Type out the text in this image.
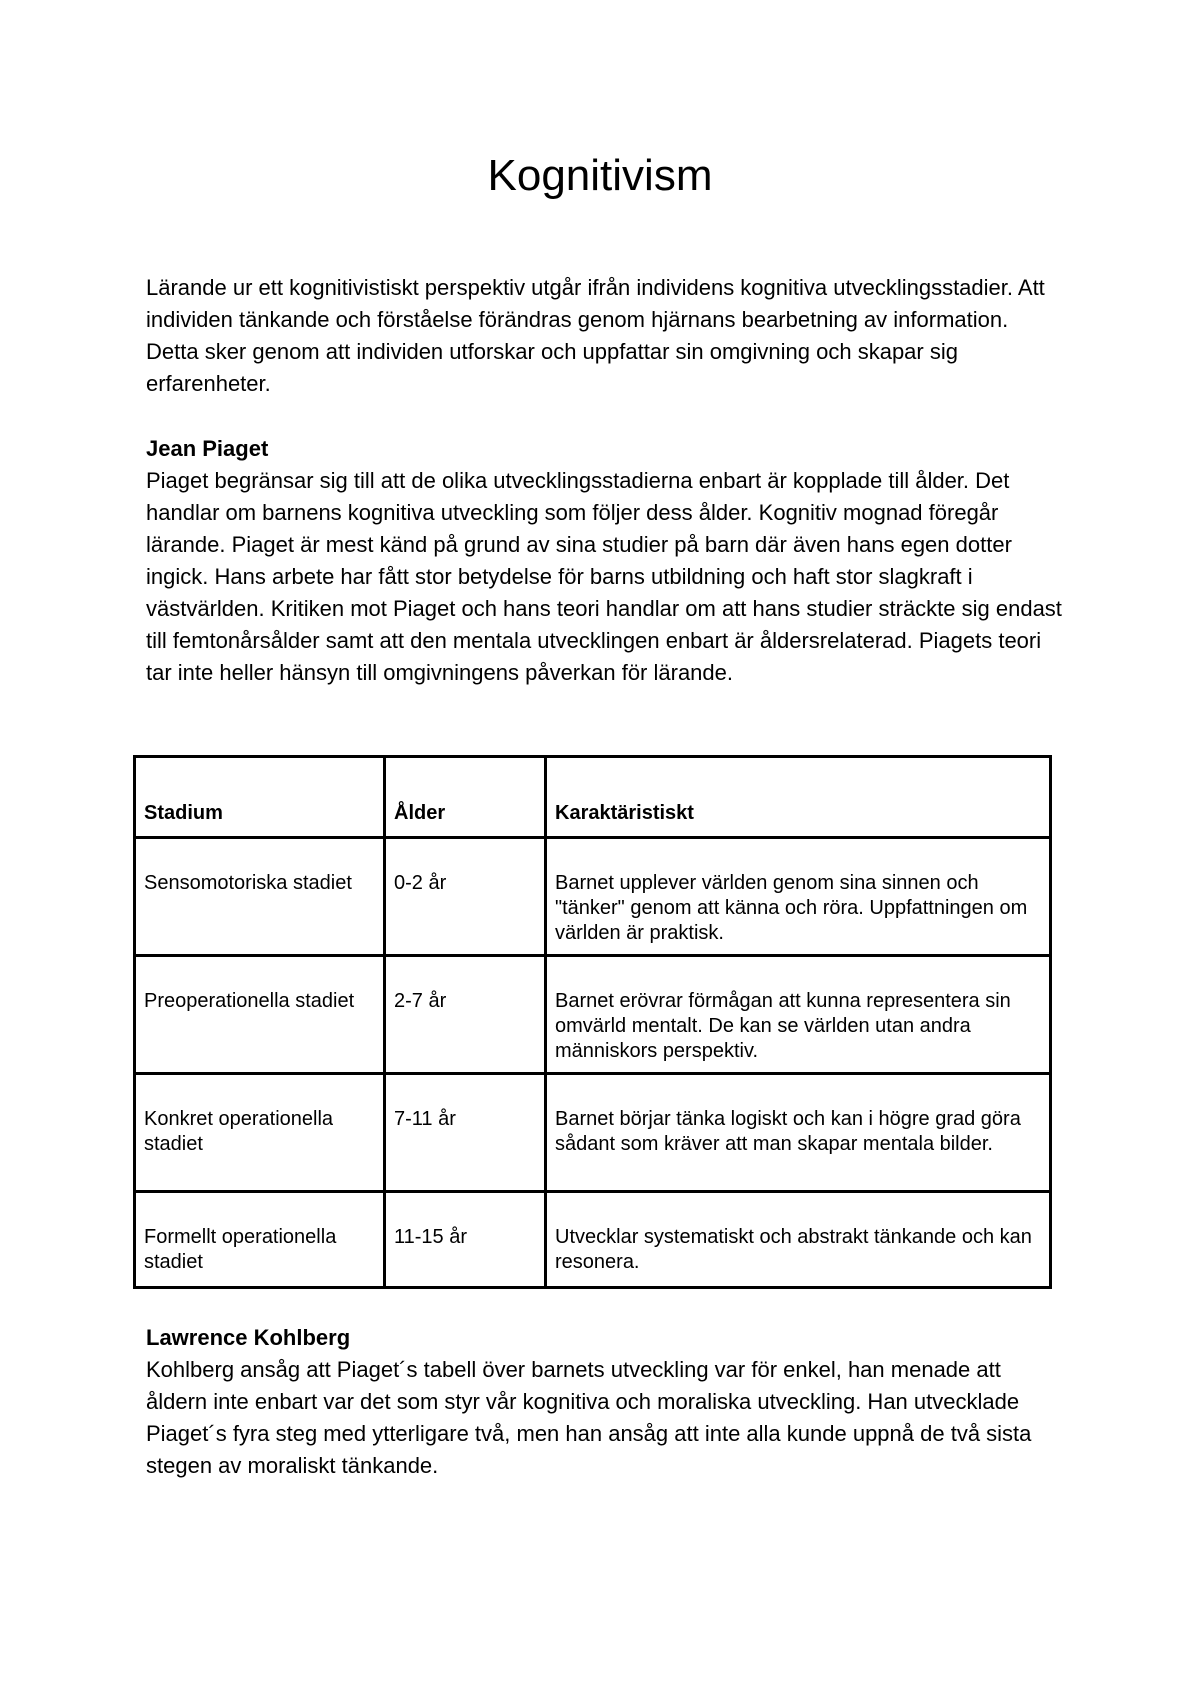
Kognitivism

Lärande ur ett kognitivistiskt perspektiv utgår ifrån individens kognitiva utvecklingsstadier. Att individen tänkande och förståelse förändras genom hjärnans bearbetning av information. Detta sker genom att individen utforskar och uppfattar sin omgivning och skapar sig erfarenheter.

Jean Piaget
Piaget begränsar sig till att de olika utvecklingsstadierna enbart är kopplade till ålder. Det handlar om barnens kognitiva utveckling som följer dess ålder. Kognitiv mognad föregår lärande. Piaget är mest känd på grund av sina studier på barn där även hans egen dotter ingick. Hans arbete har fått stor betydelse för barns utbildning och haft stor slagkraft i västvärlden. Kritiken mot Piaget och hans teori handlar om att hans studier sträckte sig endast till femtonårsålder samt att den mentala utvecklingen enbart är åldersrelaterad. Piagets teori tar inte heller hänsyn till omgivningens påverkan för lärande.
Stadium	Ålder	Karaktäristiskt
Sensomotoriska stadiet	0-2 år	Barnet upplever världen genom sina sinnen och "tänker" genom att känna och röra. Uppfattningen om världen är praktisk.
Preoperationella stadiet	2-7 år	Barnet erövrar förmågan att kunna representera sin omvärld mentalt. De kan se världen utan andra människors perspektiv.
Konkret operationella stadiet	7-11 år	Barnet börjar tänka logiskt och kan i högre grad göra sådant som kräver att man skapar mentala bilder.
Formellt operationella stadiet	11-15 år	Utvecklar systematiskt och abstrakt tänkande och kan resonera.
Lawrence Kohlberg
Kohlberg ansåg att Piaget´s tabell över barnets utveckling var för enkel, han menade att åldern inte enbart var det som styr vår kognitiva och moraliska utveckling. Han utvecklade Piaget´s fyra steg med ytterligare två, men han ansåg att inte alla kunde uppnå de två sista stegen av moraliskt tänkande.
